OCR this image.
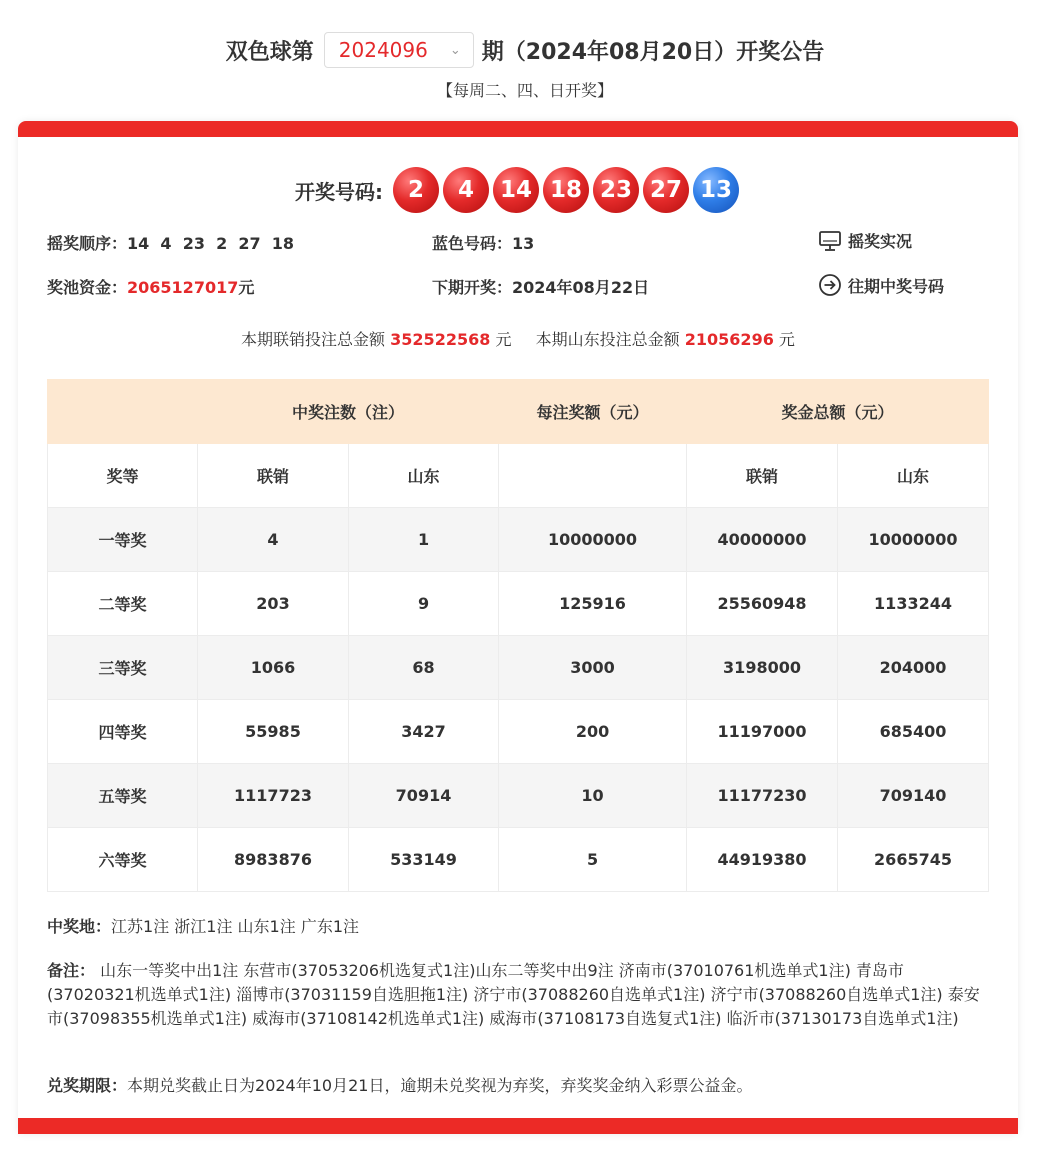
双色球第 2024096 ⌄ 期（2024年08月20日）开奖公告
【每周二、四、日开奖】
开奖号码:	2	4	14 18 23 27 13
摇奖顺序：14  4  23  2  27  18	蓝色号码：13	摇奖实况
奖池资金：2065127017元	下期开奖：2024年08月22日	往期中奖号码
本期联销投注总金额 352522568 元 本期山东投注总金额 21056296 元
	中奖注数（注）		每注奖额（元）	奖金总额（元）	
奖等	联销	山东		联销	山东
一等奖	4	1	10000000	40000000	10000000
二等奖	203	9	125916	25560948	1133244
三等奖	1066	68	3000	3198000	204000
四等奖	55985	3427	200	11197000	685400
五等奖	1117723	70914	10	11177230	709140
六等奖	8983876	533149	5	44919380	2665745
中奖地：江苏1注 浙江1注 山东1注 广东1注
备注： 山东一等奖中出1注 东营市(37053206机选复式1注)山东二等奖中出9注 济南市(37010761机选单式1注) 青岛市(37020321机选单式1注) 淄博市(37031159自选胆拖1注) 济宁市(37088260自选单式1注) 济宁市(37088260自选单式1注) 泰安市(37098355机选单式1注) 威海市(37108142机选单式1注) 威海市(37108173自选复式1注) 临沂市(37130173自选单式1注)
兑奖期限：本期兑奖截止日为2024年10月21日，逾期未兑奖视为弃奖，弃奖奖金纳入彩票公益金。
